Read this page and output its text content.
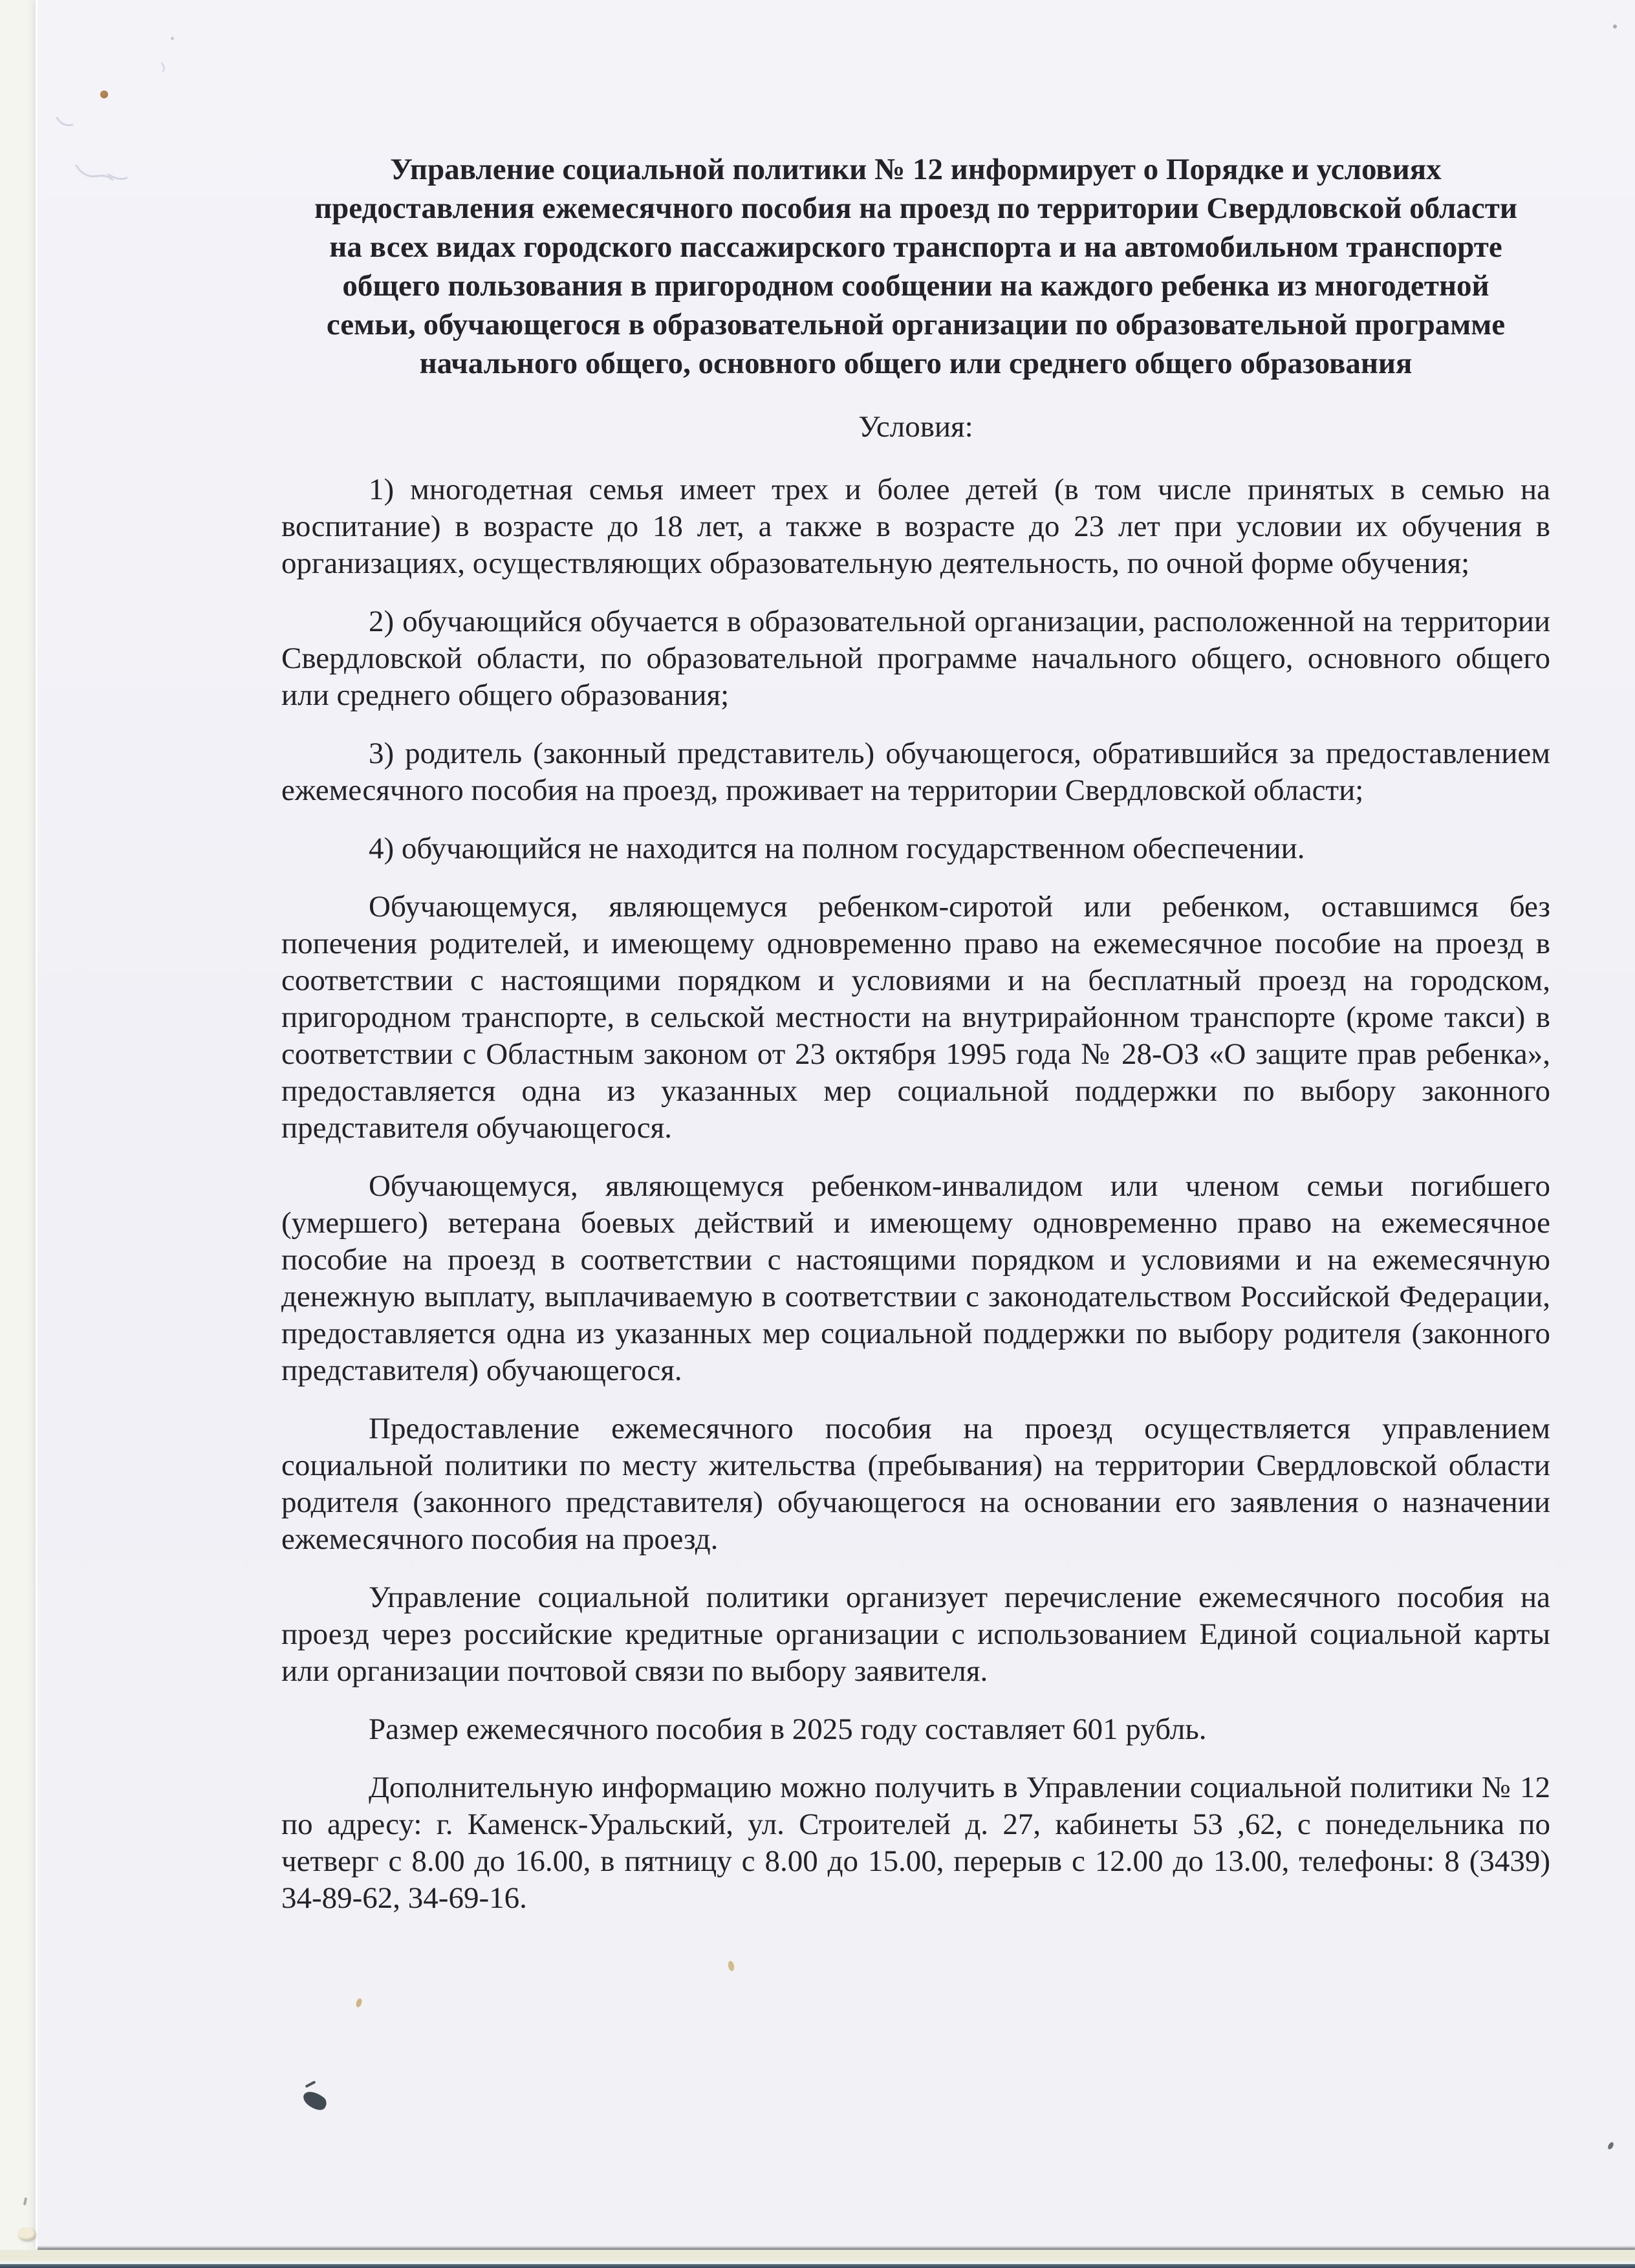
Управление социальной политики № 12 информирует о Порядке и условиях предоставления ежемесячного пособия на проезд по территории Свердловской области на всех видах городского пассажирского транспорта и на автомобильном транспорте общего пользования в пригородном сообщении на каждого ребенка из многодетной семьи, обучающегося в образовательной организации по образовательной программе начального общего, основного общего или среднего общего образования
Условия:

1) многодетная семья имеет трех и более детей (в том числе принятых в семью на воспитание) в возрасте до 18 лет, а также в возрасте до 23 лет при условии их обучения в организациях, осуществляющих образовательную деятельность, по очной форме обучения;

2) обучающийся обучается в образовательной организации, расположенной на территории Свердловской области, по образовательной программе начального общего, основного общего или среднего общего образования;

3) родитель (законный представитель) обучающегося, обратившийся за предоставлением ежемесячного пособия на проезд, проживает на территории Свердловской области;

4) обучающийся не находится на полном государственном обеспечении.

Обучающемуся, являющемуся ребенком-сиротой или ребенком, оставшимся без попечения родителей, и имеющему одновременно право на ежемесячное пособие на проезд в соответствии с настоящими порядком и условиями и на бесплатный проезд на городском, пригородном транспорте, в сельской местности на внутрирайонном транспорте (кроме такси) в соответствии с Областным законом от 23 октября 1995 года № 28-ОЗ «О защите прав ребенка», предоставляется одна из указанных мер социальной поддержки по выбору законного представителя обучающегося.

Обучающемуся, являющемуся ребенком-инвалидом или членом семьи погибшего (умершего) ветерана боевых действий и имеющему одновременно право на ежемесячное пособие на проезд в соответствии с настоящими порядком и условиями и на ежемесячную денежную выплату, выплачиваемую в соответствии с законодательством Российской Федерации, предоставляется одна из указанных мер социальной поддержки по выбору родителя (законного представителя) обучающегося.

Предоставление ежемесячного пособия на проезд осуществляется управлением социальной политики по месту жительства (пребывания) на территории Свердловской области родителя (законного представителя) обучающегося на основании его заявления о назначении ежемесячного пособия на проезд.

Управление социальной политики организует перечисление ежемесячного пособия на проезд через российские кредитные организации с использованием Единой социальной карты или организации почтовой связи по выбору заявителя.

Размер ежемесячного пособия в 2025 году составляет 601 рубль.

Дополнительную информацию можно получить в Управлении социальной политики № 12 по адресу: г. Каменск-Уральский, ул. Строителей д. 27, кабинеты 53 ,62, с понедельника по четверг с 8.00 до 16.00, в пятницу с 8.00 до 15.00, перерыв с 12.00 до 13.00, телефоны: 8 (3439) 34-89-62, 34-69-16.
